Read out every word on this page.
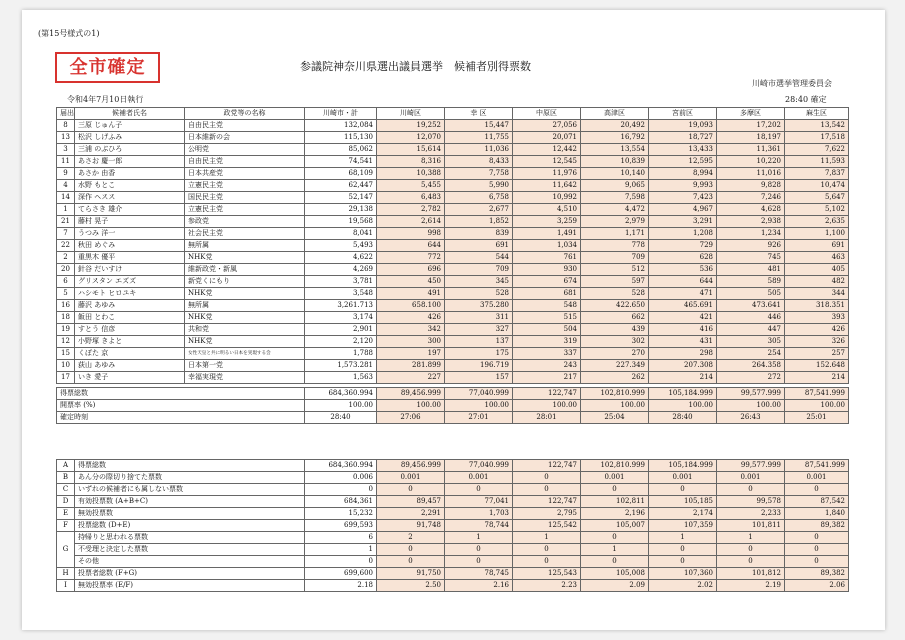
(第15号様式の1)
全市確定	参議院神奈川県選出議員選挙　候補者別得票数
川崎市選挙管理委員会
令和4年7月10日執行	28:40 確定
届出	候補者氏名	政党等の名称	川崎市・計	川崎区	幸 区	中原区	高津区	宮前区	多摩区	麻生区
8	三原 じゅん子	自由民主党	132,084	19,252	15,447	27,056	20,492	19,093	17,202	13,542
13	松沢 しげふみ	日本維新の会	115,130	12,070	11,755	20,071	16,792	18,727	18,197	17,518
3	三浦 のぶひろ	公明党	85,062	15,614	11,036	12,442	13,554	13,433	11,361	7,622
11	あさお 慶一郎	自由民主党	74,541	8,316	8,433	12,545	10,839	12,595	10,220	11,593
9	あさか 由香	日本共産党	68,109	10,388	7,758	11,976	10,140	8,994	11,016	7,837
4	水野 もとこ	立憲民主党	62,447	5,455	5,990	11,642	9,065	9,993	9,828	10,474
14	深作 ヘスス	国民民主党	52,147	6,483	6,758	10,992	7,598	7,423	7,246	5,647
1	てらさき 雄介	立憲民主党	29,138	2,782	2,677	4,510	4,472	4,967	4,628	5,102
21	藤村 晃子	参政党	19,568	2,614	1,852	3,259	2,979	3,291	2,938	2,635
7	うつみ 洋一	社会民主党	8,041	998	839	1,491	1,171	1,208	1,234	1,100
22	秋田 めぐみ	無所属	5,493	644	691	1,034	778	729	926	691
2	重黒木 優平	NHK党	4,622	772	544	761	709	628	745	463
20	針谷 だいすけ	維新政党・新風	4,269	696	709	930	512	536	481	405
6	グリスタン エズズ	新党くにもり	3,781	450	345	674	597	644	589	482
5	ハシモト ヒロユキ	NHK党	3,548	491	528	681	528	471	505	344
16	藤沢 あゆみ	無所属	3,261.713	658.100	375.280	548	422.650	465.691	473.641	318.351
18	飯田 とわこ	NHK党	3,174	426	311	515	662	421	446	393
19	すとう 信彦	共和党	2,901	342	327	504	439	416	447	426
12	小野塚 きよと	NHK党	2,120	300	137	319	302	431	305	326
15	くぼた 京	女性天皇と共に明るい日本を実現する会	1,788	197	175	337	270	298	254	257
10	荻山 あゆみ	日本第一党	1,573.281	281.899	196.719	243	227.349	207.308	264.358	152.648
17	いき 愛子	幸福実現党	1,563	227	157	217	262	214	272	214

得票総数			684,360.994	89,456.999	77,040.999	122,747	102,810.999	105,184.999	99,577.999	87,541.999
開票率 (%)			100.00	100.00	100.00	100.00	100.00	100.00	100.00	100.00
確定時刻			28:40	27:06	27:01	28:01	25:04	28:40	26:43	25:01
A	得票総数	684,360.994	89,456.999	77,040.999	122,747	102,810.999	105,184.999	99,577.999	87,541.999
B	あん分の際切り捨てた票数	0.006	0.001	0.001	0	0.001	0.001	0.001	0.001
C	いずれの候補者にも属しない票数	0	0	0	0	0	0	0	0
D	有効投票数 (A+B+C)	684,361	89,457	77,041	122,747	102,811	105,185	99,578	87,542
E	無効投票数	15,232	2,291	1,703	2,795	2,196	2,174	2,233	1,840
F	投票総数 (D+E)	699,593	91,748	78,744	125,542	105,007	107,359	101,811	89,382
G	持帰りと思われる票数	6	2	1	1	0	1	1	0
	不受理と決定した票数	1	0	0	0	1	0	0	0
	その他	0	0	0	0	0	0	0	0
H	投票者総数 (F+G)	699,600	91,750	78,745	125,543	105,008	107,360	101,812	89,382
I	無効投票率 (E/F)	2.18	2.50	2.16	2.23	2.09	2.02	2.19	2.06
